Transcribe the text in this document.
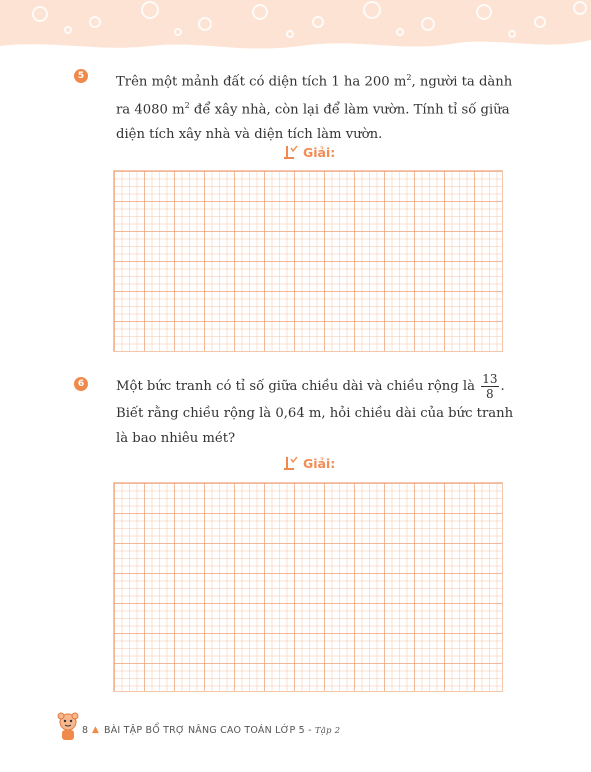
5 Trên một mảnh đất có diện tích 1 ha 200 $m^2$, người ta dành ra 4080 $m^2$ để xây nhà, còn lại để làm vườn. Tính tỉ số giữa diện tích xây nhà và diện tích làm vườn.
Giải:
6 Một bức tranh có tỉ số giữa chiều dài và chiều rộng là $\frac{13}{8}$ . Biết rằng chiều rộng là 0,64 m, hỏi chiều dài của bức tranh là bao nhiêu mét?
Giải:
8 ▲ BÀI TẬP BỔ TRỢ NÂNG CAO TOÁN LỚP 5 - Tập 2
